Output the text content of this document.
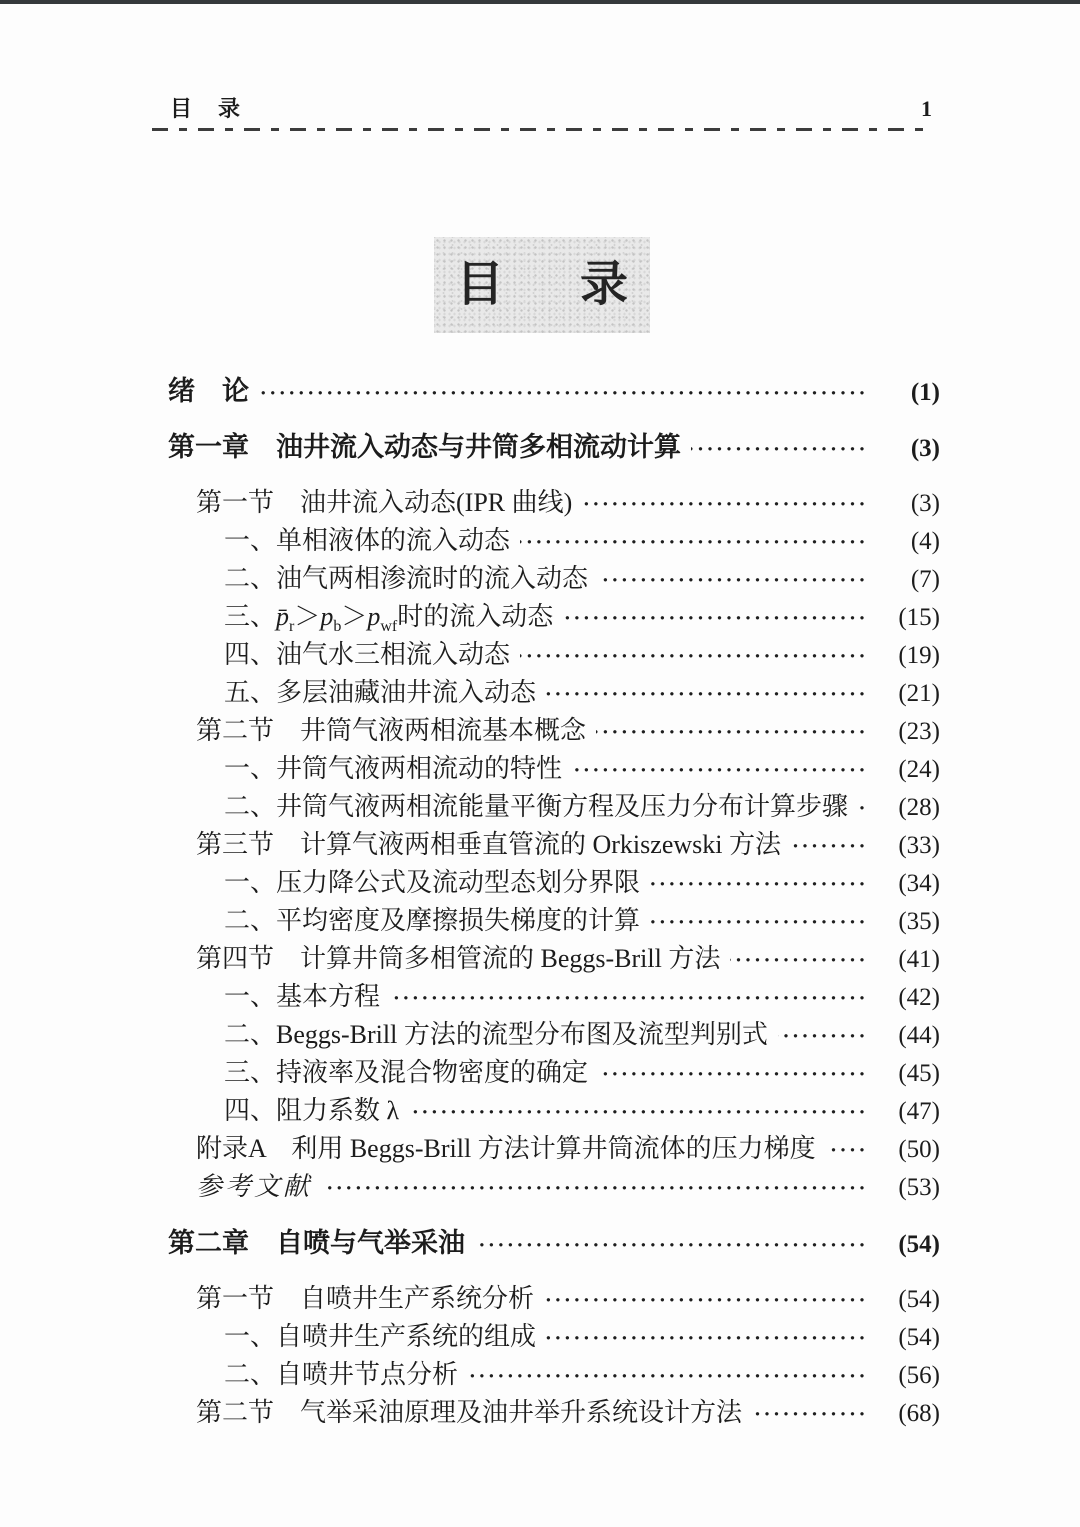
目　录	1
目 录
绪　论 ·····	(1)
第一章　油井流入动态与井筒多相流动计算 ·····	(3)
第一节　油井流入动态(IPR 曲线) ·····	(3)
一、单相液体的流入动态 ·····	(4)
二、油气两相渗流时的流入动态 ·····	(7)
三、$p̄_r>p_b>p_{wf}$时的流入动态 ·····	(15)
四、油气水三相流入动态 ·····	(19)
五、多层油藏油井流入动态 ·····	(21)
第二节　井筒气液两相流基本概念 ·····	(23)
一、井筒气液两相流动的特性 ·····	(24)
二、井筒气液两相流能量平衡方程及压力分布计算步骤 ·····	(28)
第三节　计算气液两相垂直管流的 Orkiszewski 方法 ·····	(33)
一、压力降公式及流动型态划分界限 ·····	(34)
二、平均密度及摩擦损失梯度的计算 ·····	(35)
第四节　计算井筒多相管流的 Beggs-Brill 方法 ·····	(41)
一、基本方程 ·····	(42)
二、Beggs-Brill 方法的流型分布图及流型判别式 ·····	(44)
三、持液率及混合物密度的确定 ·····	(45)
四、阻力系数 λ ·····	(47)
附录A　利用 Beggs-Brill 方法计算井筒流体的压力梯度 ·····	(50)
参考文献 ·····	(53)
第二章　自喷与气举采油 ·····	(54)
第一节　自喷井生产系统分析 ·····	(54)
一、自喷井生产系统的组成 ·····	(54)
二、自喷井节点分析 ·····	(56)
第二节　气举采油原理及油井举升系统设计方法 ·····	(68)
